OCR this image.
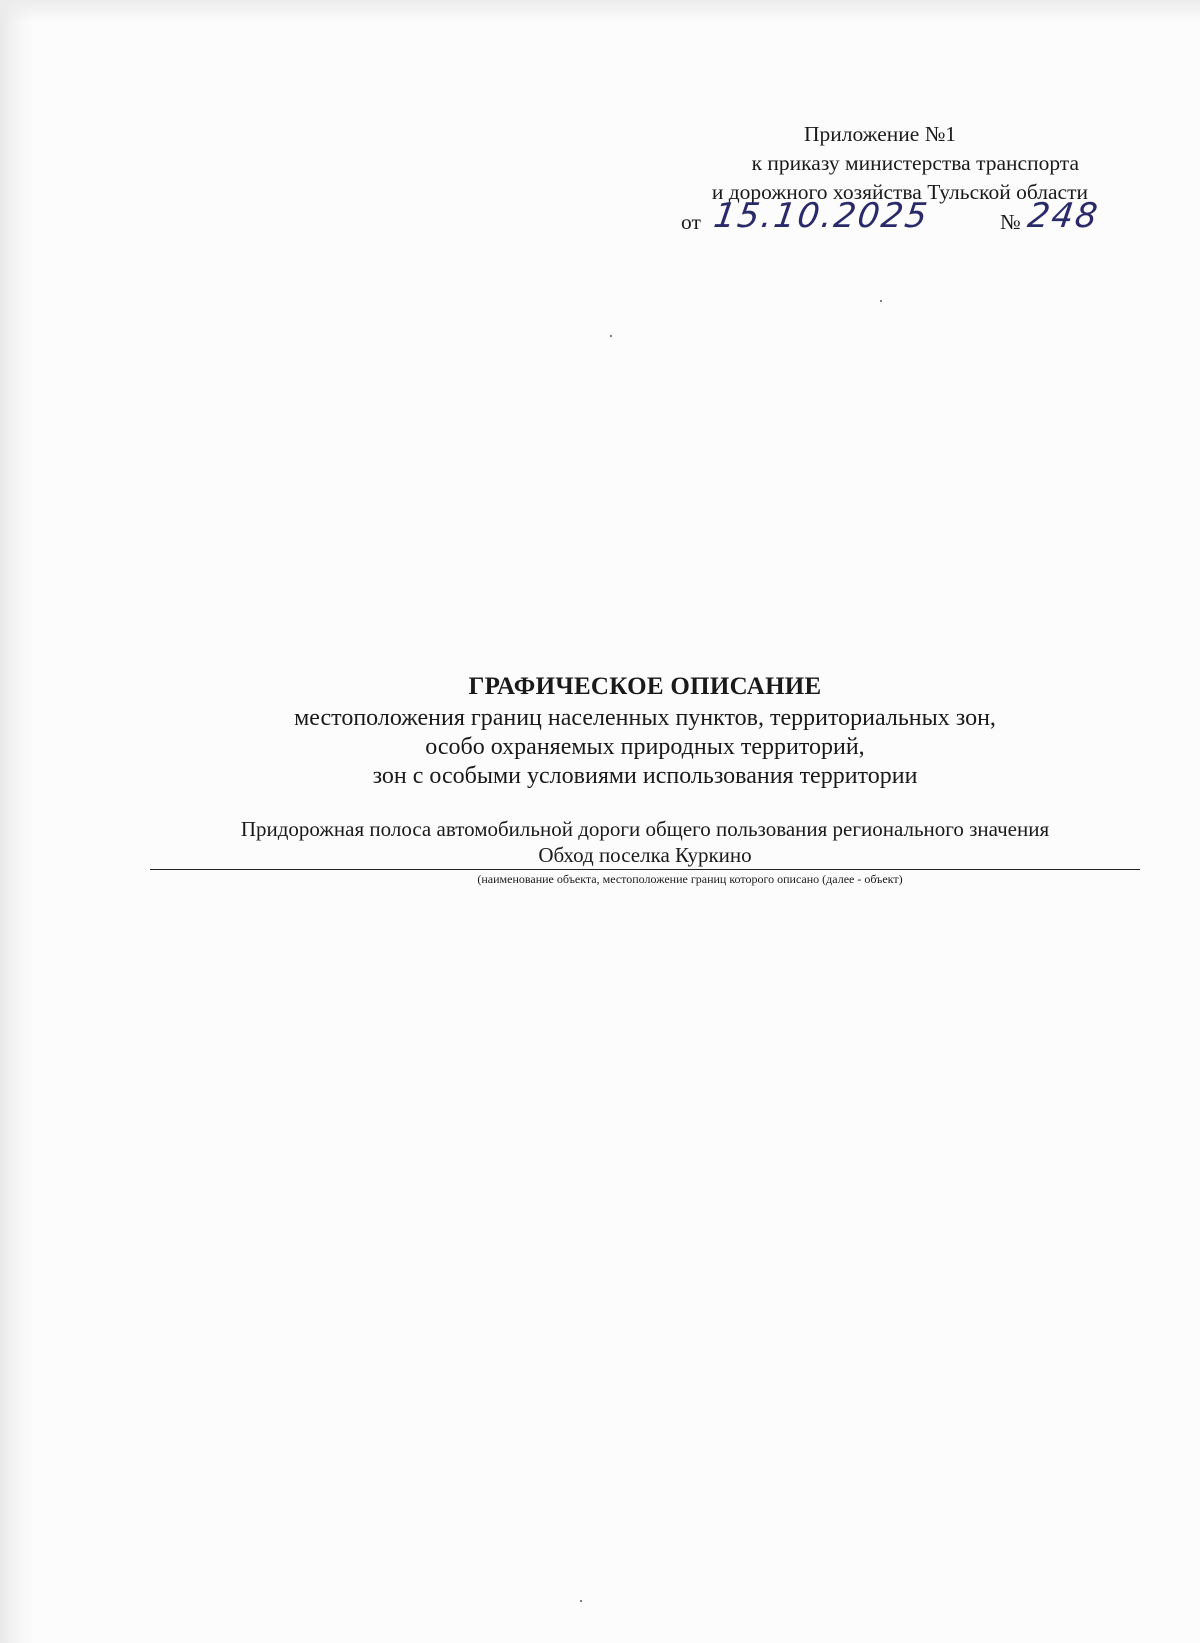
Приложение №1
к приказу министерства транспорта
и дорожного хозяйства Тульской области
от 15.10.2025	№ 248
ГРАФИЧЕСКОЕ ОПИСАНИЕ
местоположения границ населенных пунктов, территориальных зон,
особо охраняемых природных территорий,
зон с особыми условиями использования территории
Придорожная полоса автомобильной дороги общего пользования регионального значения
Обход поселка Куркино
(наименование объекта, местоположение границ которого описано (далее - объект)
